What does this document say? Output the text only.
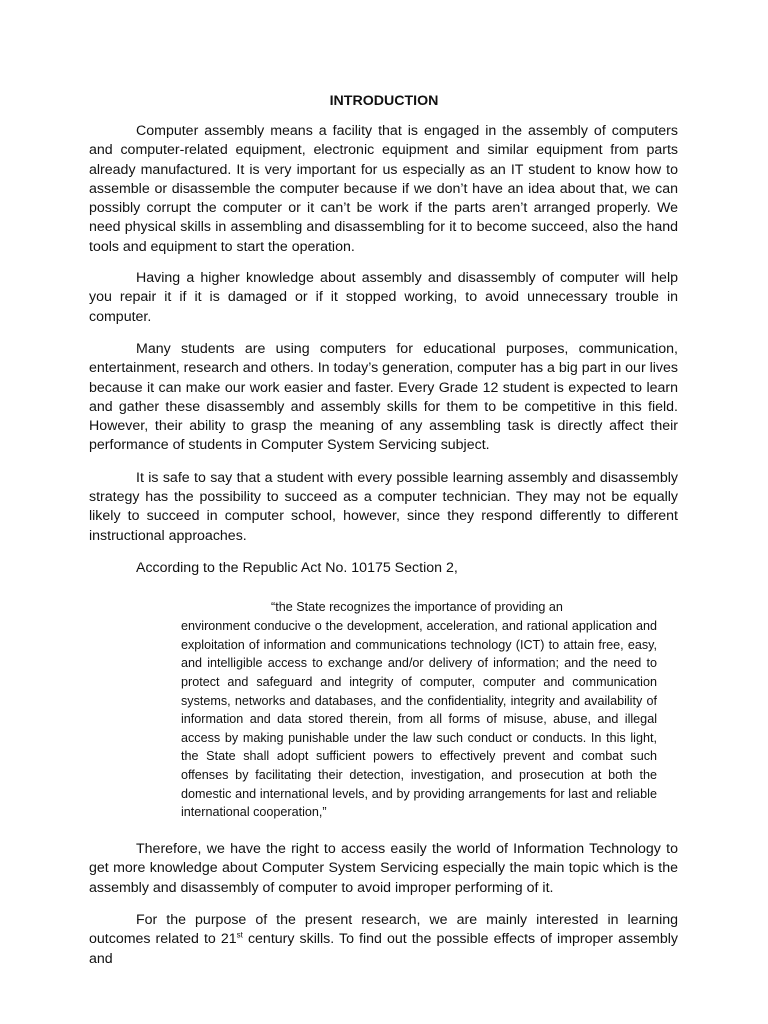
INTRODUCTION

Computer assembly means a facility that is engaged in the assembly of computers and computer-related equipment, electronic equipment and similar equipment from parts already manufactured. It is very important for us especially as an IT student to know how to assemble or disassemble the computer because if we don’t have an idea about that, we can possibly corrupt the computer or it can’t be work if the parts aren’t arranged properly. We need physical skills in assembling and disassembling for it to become succeed, also the hand tools and equipment to start the operation.

Having a higher knowledge about assembly and disassembly of computer will help you repair it if it is damaged or if it stopped working, to avoid unnecessary trouble in computer.

Many students are using computers for educational purposes, communication, entertainment, research and others. In today’s generation, computer has a big part in our lives because it can make our work easier and faster. Every Grade 12 student is expected to learn and gather these disassembly and assembly skills for them to be competitive in this field. However, their ability to grasp the meaning of any assembling task is directly affect their performance of students in Computer System Servicing subject.

It is safe to say that a student with every possible learning assembly and disassembly strategy has the possibility to succeed as a computer technician. They may not be equally likely to succeed in computer school, however, since they respond differently to different instructional approaches.

According to the Republic Act No. 10175 Section 2,

“the State recognizes the importance of providing an
environment conducive o the development, acceleration, and rational application and exploitation of information and communications technology (ICT) to attain free, easy, and intelligible access to exchange and/or delivery of information; and the need to protect and safeguard and integrity of computer, computer and communication systems, networks and databases, and the confidentiality, integrity and availability of information and data stored therein, from all forms of misuse, abuse, and illegal access by making punishable under the law such conduct or conducts. In this light, the State shall adopt sufficient powers to effectively prevent and combat such offenses by facilitating their detection, investigation, and prosecution at both the domestic and international levels, and by providing arrangements for last and reliable international cooperation,”

Therefore, we have the right to access easily the world of Information Technology to get more knowledge about Computer System Servicing especially the main topic which is the assembly and disassembly of computer to avoid improper performing of it.

For the purpose of the present research, we are mainly interested in learning outcomes related to 21st century skills. To find out the possible effects of improper assembly and
